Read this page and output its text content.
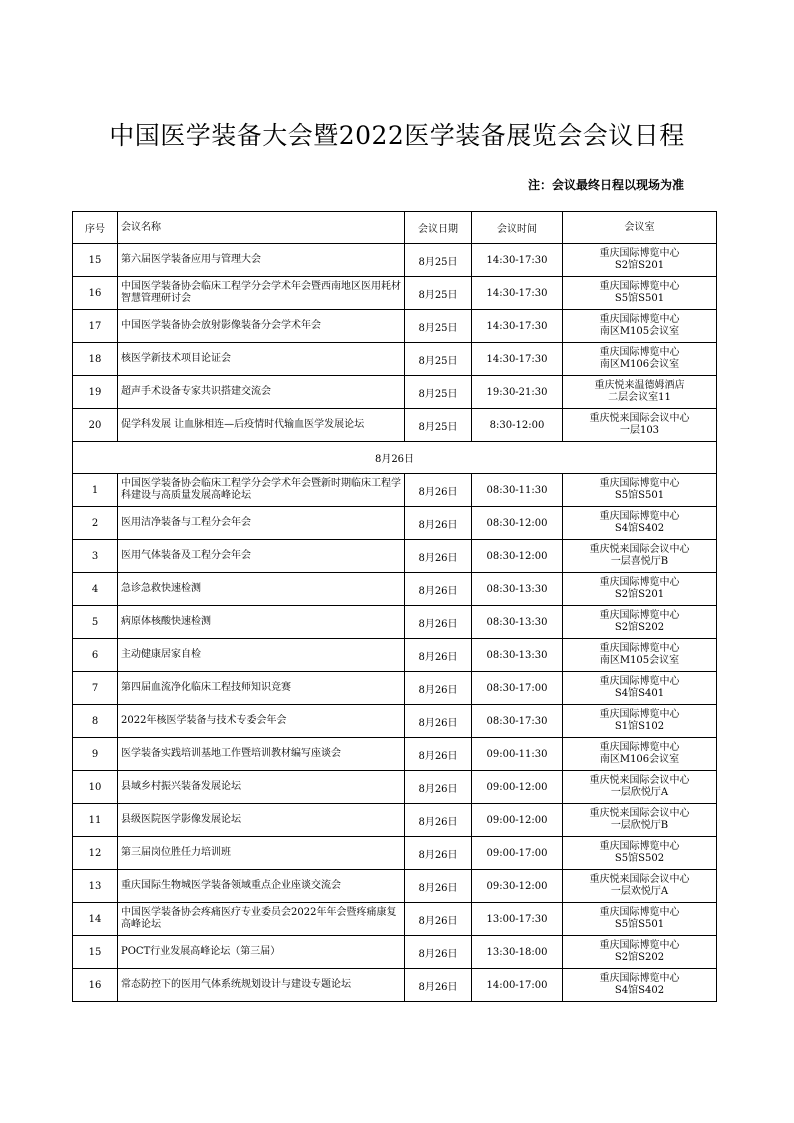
中国医学装备大会暨2022医学装备展览会会议日程
注：会议最终日程以现场为准
序号	会议名称	会议日期	会议时间	会议室
15	第六届医学装备应用与管理大会	8月25日	14:30-17:30	重庆国际博览中心
S2馆S201

16	中国医学装备协会临床工程学分会学术年会暨西南地区医用耗材智慧管理研讨会	8月25日	14:30-17:30	重庆国际博览中心
S5馆S501

17	中国医学装备协会放射影像装备分会学术年会	8月25日	14:30-17:30	重庆国际博览中心
南区M105会议室

18	核医学新技术项目论证会	8月25日	14:30-17:30	重庆国际博览中心
南区M106会议室

19	超声手术设备专家共识搭建交流会	8月25日	19:30-21:30	重庆悦来温德姆酒店
二层会议室11

20	促学科发展 让血脉相连—后疫情时代输血医学发展论坛	8月25日	8:30-12:00	重庆悦来国际会议中心
一层103

8月26日				
1	中国医学装备协会临床工程学分会学术年会暨新时期临床工程学科建设与高质量发展高峰论坛	8月26日	08:30-11:30	重庆国际博览中心
S5馆S501

2	医用洁净装备与工程分会年会	8月26日	08:30-12:00	重庆国际博览中心
S4馆S402

3	医用气体装备及工程分会年会	8月26日	08:30-12:00	重庆悦来国际会议中心
一层喜悦厅B

4	急诊急救快速检测	8月26日	08:30-13:30	重庆国际博览中心
S2馆S201

5	病原体核酸快速检测	8月26日	08:30-13:30	重庆国际博览中心
S2馆S202

6	主动健康居家自检	8月26日	08:30-13:30	重庆国际博览中心
南区M105会议室

7	第四届血流净化临床工程技师知识竞赛	8月26日	08:30-17:00	重庆国际博览中心
S4馆S401

8	2022年核医学装备与技术专委会年会	8月26日	08:30-17:30	重庆国际博览中心
S1馆S102

9	医学装备实践培训基地工作暨培训教材编写座谈会	8月26日	09:00-11:30	重庆国际博览中心
南区M106会议室

10	县域乡村振兴装备发展论坛	8月26日	09:00-12:00	重庆悦来国际会议中心
一层欣悦厅A

11	县级医院医学影像发展论坛	8月26日	09:00-12:00	重庆悦来国际会议中心
一层欣悦厅B

12	第三届岗位胜任力培训班	8月26日	09:00-17:00	重庆国际博览中心
S5馆S502

13	重庆国际生物城医学装备领域重点企业座谈交流会	8月26日	09:30-12:00	重庆悦来国际会议中心
一层欢悦厅A

14	中国医学装备协会疼痛医疗专业委员会2022年年会暨疼痛康复高峰论坛	8月26日	13:00-17:30	重庆国际博览中心
S5馆S501

15	POCT行业发展高峰论坛（第三届）	8月26日	13:30-18:00	重庆国际博览中心
S2馆S202

16	常态防控下的医用气体系统规划设计与建设专题论坛	8月26日	14:00-17:00	重庆国际博览中心
S4馆S402
